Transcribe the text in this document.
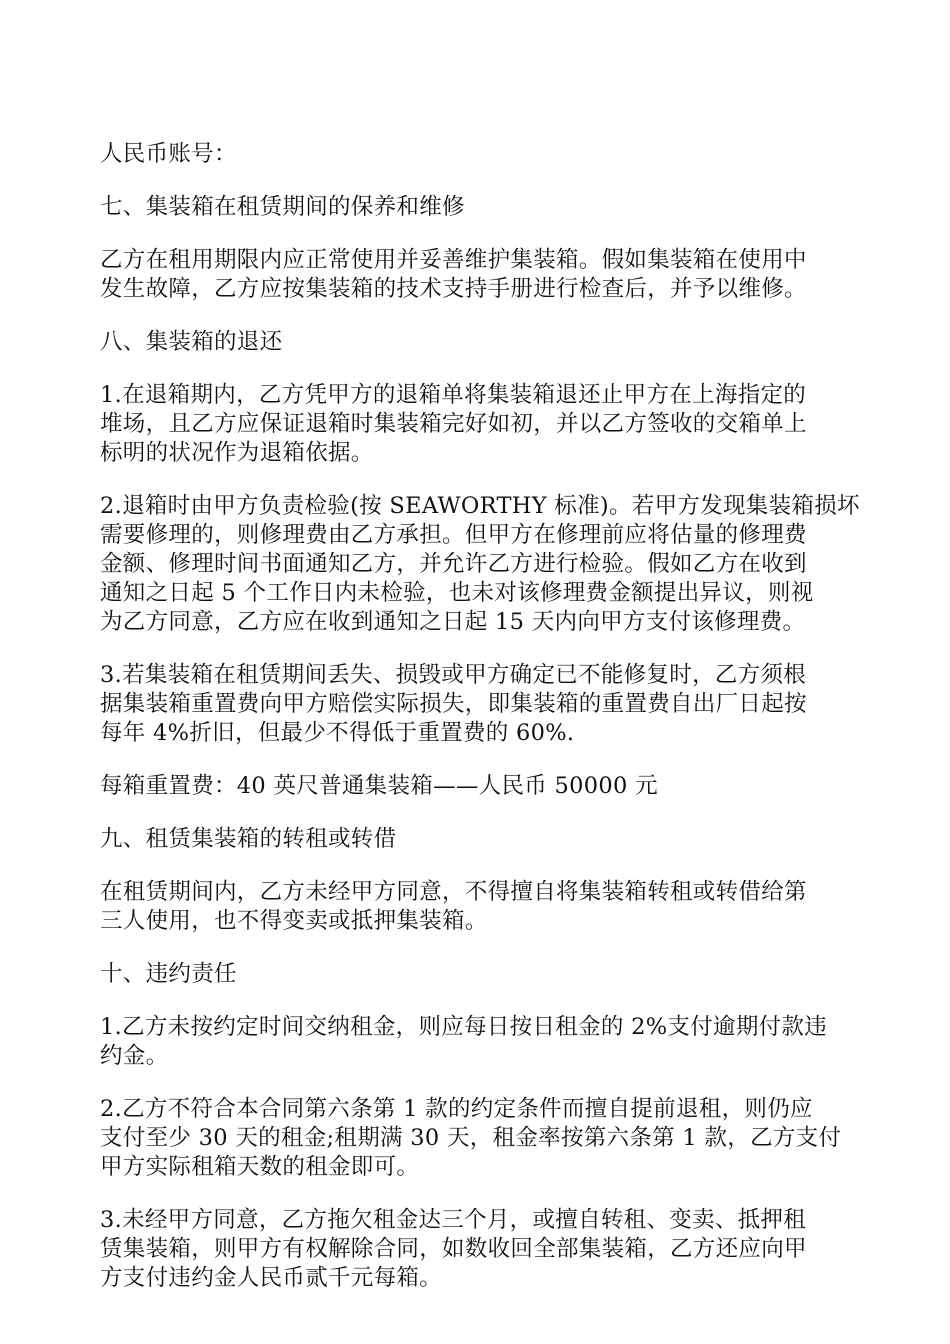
人民币账号：
七、集装箱在租赁期间的保养和维修
乙方在租用期限内应正常使用并妥善维护集装箱。假如集装箱在使用中
发生故障，乙方应按集装箱的技术支持手册进行检查后，并予以维修。
八、集装箱的退还
1.在退箱期内，乙方凭甲方的退箱单将集装箱退还止甲方在上海指定的
堆场，且乙方应保证退箱时集装箱完好如初，并以乙方签收的交箱单上
标明的状况作为退箱依据。
2.退箱时由甲方负责检验(按 SEAWORTHY 标准)。若甲方发现集装箱损坏
需要修理的，则修理费由乙方承担。但甲方在修理前应将估量的修理费
金额、修理时间书面通知乙方，并允许乙方进行检验。假如乙方在收到
通知之日起 5 个工作日内未检验，也未对该修理费金额提出异议，则视
为乙方同意，乙方应在收到通知之日起 15 天内向甲方支付该修理费。
3.若集装箱在租赁期间丢失、损毁或甲方确定已不能修复时，乙方须根
据集装箱重置费向甲方赔偿实际损失，即集装箱的重置费自出厂日起按
每年 4%折旧，但最少不得低于重置费的 60%.
每箱重置费：40 英尺普通集装箱——人民币 50000 元
九、租赁集装箱的转租或转借
在租赁期间内，乙方未经甲方同意，不得擅自将集装箱转租或转借给第
三人使用，也不得变卖或抵押集装箱。
十、违约责任
1.乙方未按约定时间交纳租金，则应每日按日租金的 2%支付逾期付款违
约金。
2.乙方不符合本合同第六条第 1 款的约定条件而擅自提前退租，则仍应
支付至少 30 天的租金;租期满 30 天，租金率按第六条第 1 款，乙方支付
甲方实际租箱天数的租金即可。
3.未经甲方同意，乙方拖欠租金达三个月，或擅自转租、变卖、抵押租
赁集装箱，则甲方有权解除合同，如数收回全部集装箱，乙方还应向甲
方支付违约金人民币贰千元每箱。
